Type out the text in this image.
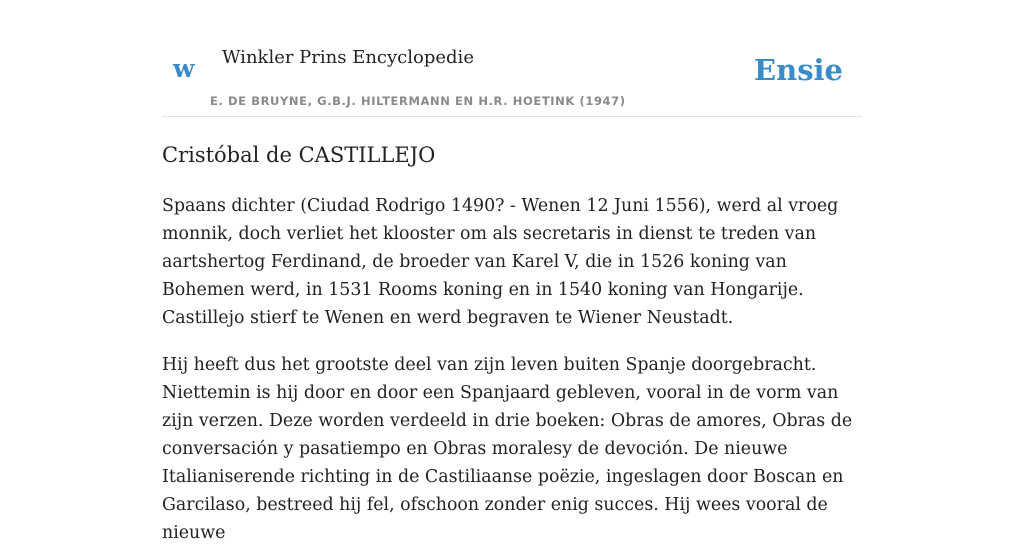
w Winkler Prins Encyclopedie
E. DE BRUYNE, G.B.J. HILTERMANN EN H.R. HOETINK (1947)
Ensie
Cristóbal de CASTILLEJO

Spaans dichter (Ciudad Rodrigo 1490? - Wenen 12 Juni 1556), werd al vroeg monnik, doch verliet het klooster om als secretaris in dienst te treden van aartshertog Ferdinand, de broeder van Karel V, die in 1526 koning van Bohemen werd, in 1531 Rooms koning en in 1540 koning van Hongarije. Castillejo stierf te Wenen en werd begraven te Wiener Neustadt.

Hij heeft dus het grootste deel van zijn leven buiten Spanje doorgebracht. Niettemin is hij door en door een Spanjaard gebleven, vooral in de vorm van zijn verzen. Deze worden verdeeld in drie boeken: Obras de amores, Obras de conversación y pasatiempo en Obras moralesy de devoción. De nieuwe Italianiserende richting in de Castiliaanse poëzie, ingeslagen door Boscan en Garcilaso, bestreed hij fel, ofschoon zonder enig succes. Hij wees vooral de nieuwe
